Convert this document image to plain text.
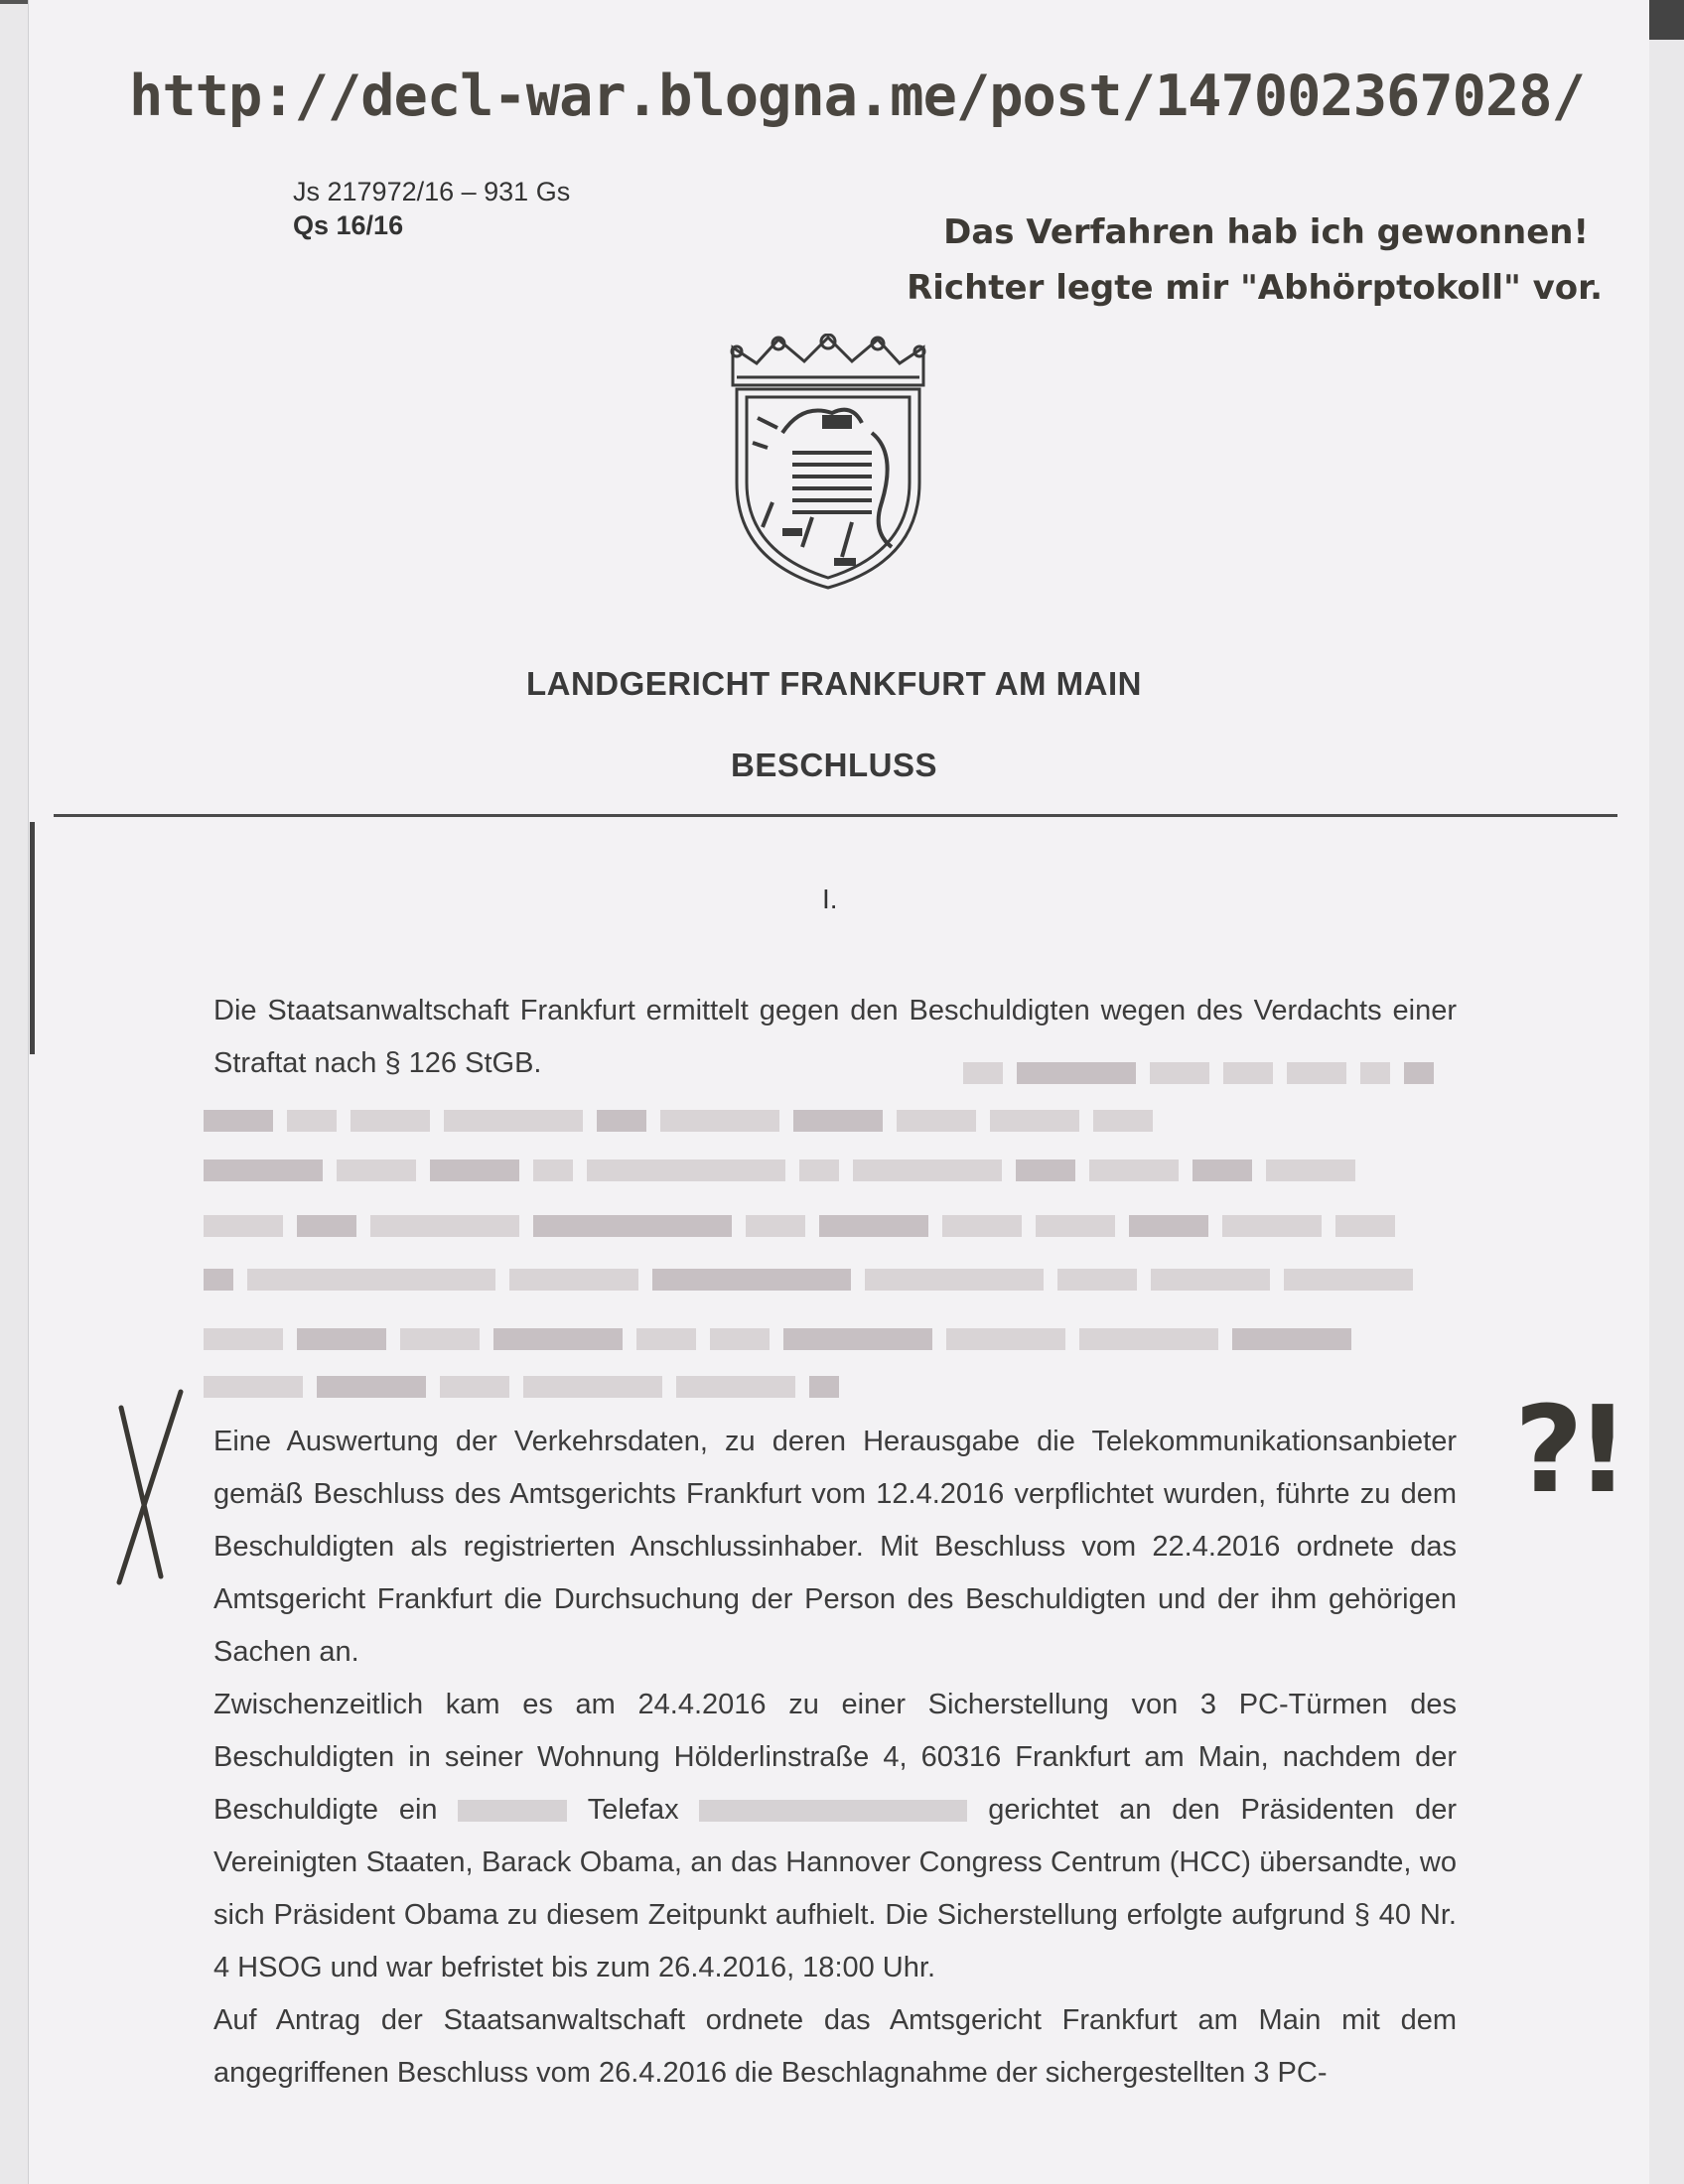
http://decl-war.blogna.me/post/147002367028/
Js 217972/16 – 931 Gs
Qs 16/16	Das Verfahren hab ich gewonnen!
Richter legte mir "Abhörptokoll" vor.
LANDGERICHT FRANKFURT AM MAIN
BESCHLUSS
I.
Die Staatsanwaltschaft Frankfurt ermittelt gegen den Beschuldigten wegen des Verdachts einer Straftat nach § 126 StGB.
?!
Eine Auswertung der Verkehrsdaten, zu deren Herausgabe die Telekommunikationsanbieter gemäß Beschluss des Amtsgerichts Frankfurt vom 12.4.2016 verpflichtet wurden, führte zu dem Beschuldigten als registrierten Anschlussinhaber. Mit Beschluss vom 22.4.2016 ordnete das Amtsgericht Frankfurt die Durchsuchung der Person des Beschuldigten und der ihm gehörigen Sachen an.
Zwischenzeitlich kam es am 24.4.2016 zu einer Sicherstellung von 3 PC-Türmen des Beschuldigten in seiner Wohnung Hölderlinstraße 4, 60316 Frankfurt am Main, nachdem der Beschuldigte ein	Telefax	gerichtet an den Präsidenten der Vereinigten Staaten, Barack Obama, an das Hannover Congress Centrum (HCC) übersandte, wo sich Präsident Obama zu diesem Zeitpunkt aufhielt. Die Sicherstellung erfolgte aufgrund § 40 Nr. 4 HSOG und war befristet bis zum 26.4.2016, 18:00 Uhr.
Auf Antrag der Staatsanwaltschaft ordnete das Amtsgericht Frankfurt am Main mit dem angegriffenen Beschluss vom 26.4.2016 die Beschlagnahme der sichergestellten 3 PC-
